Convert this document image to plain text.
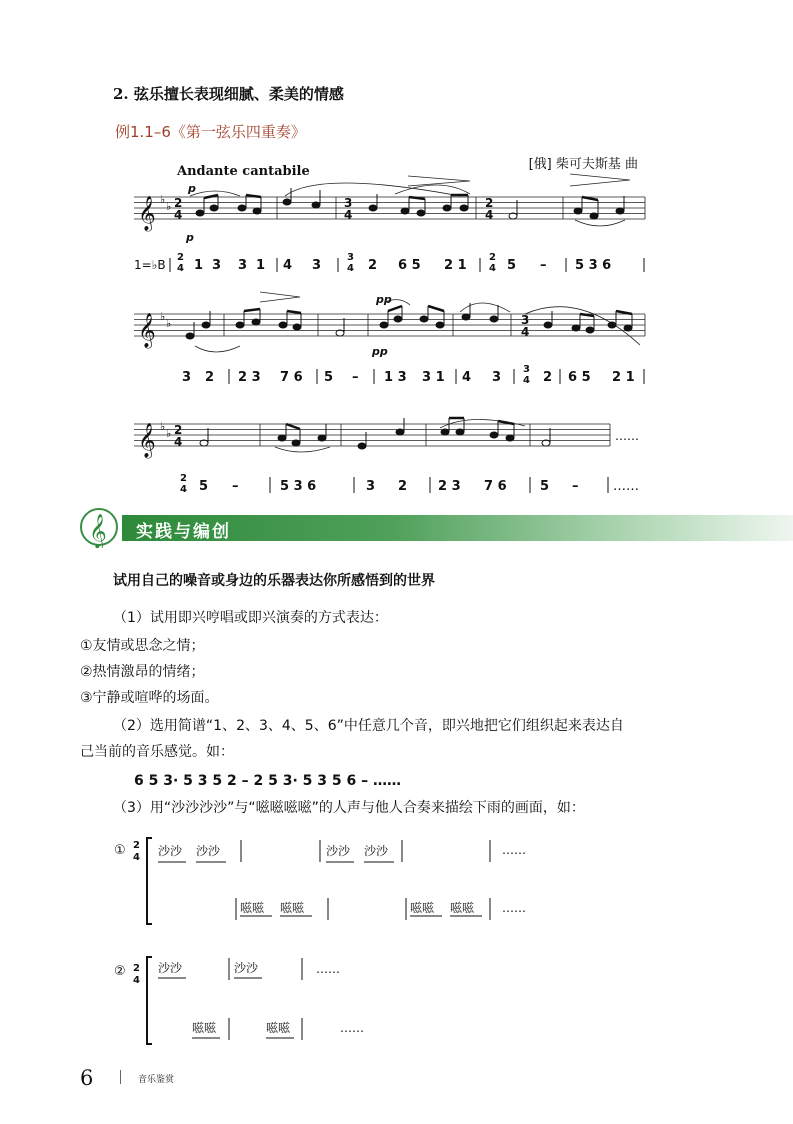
2. 弦乐擅长表现细腻、柔美的情感
例1.1–6《第一弦乐四重奏》
[俄] 柴可夫斯基 曲
Andante cantabile
𝄞
𝄞
𝄞
♭
♭
♭
♭
♭
♭
2
4
3
4
2
4
3
4
2
4
p
p
pp
pp
……
1=♭B
2
4 1 3 3 1 4 3
3
4 2 6 5 2 1
2
4 5 – 5 3 6
3 2 2 3 7 6 5 – 1 3 3 1 4 3
3
4 2 6 5 2 1
2
4 5 –	5 3 6	3 2 2 3 7 6	5 –	……
𝄞 实践与编创
试用自己的噪音或身边的乐器表达你所感悟到的世界
（1）试用即兴哼唱或即兴演奏的方式表达：
①友情或思念之情；
②热情激昂的情绪；
③宁静或喧哗的场面。
（2）选用简谱“1、2、3、4、5、6”中任意几个音，即兴地把它们组织起来表达自
己当前的音乐感觉。如：
6 5 3· 5 3 5 2 – 2 5 3· 5 3 5 6 – ……
（3）用“沙沙沙沙”与“嗞嗞嗞嗞”的人声与他人合奏来描绘下雨的画面，如：
①
②
2
4
2
4
沙沙 沙沙	沙沙 沙沙	……
嗞嗞 嗞嗞	嗞嗞 嗞嗞 ……
沙沙	沙沙	……
嗞嗞	嗞嗞	……
6	音乐鉴赏
